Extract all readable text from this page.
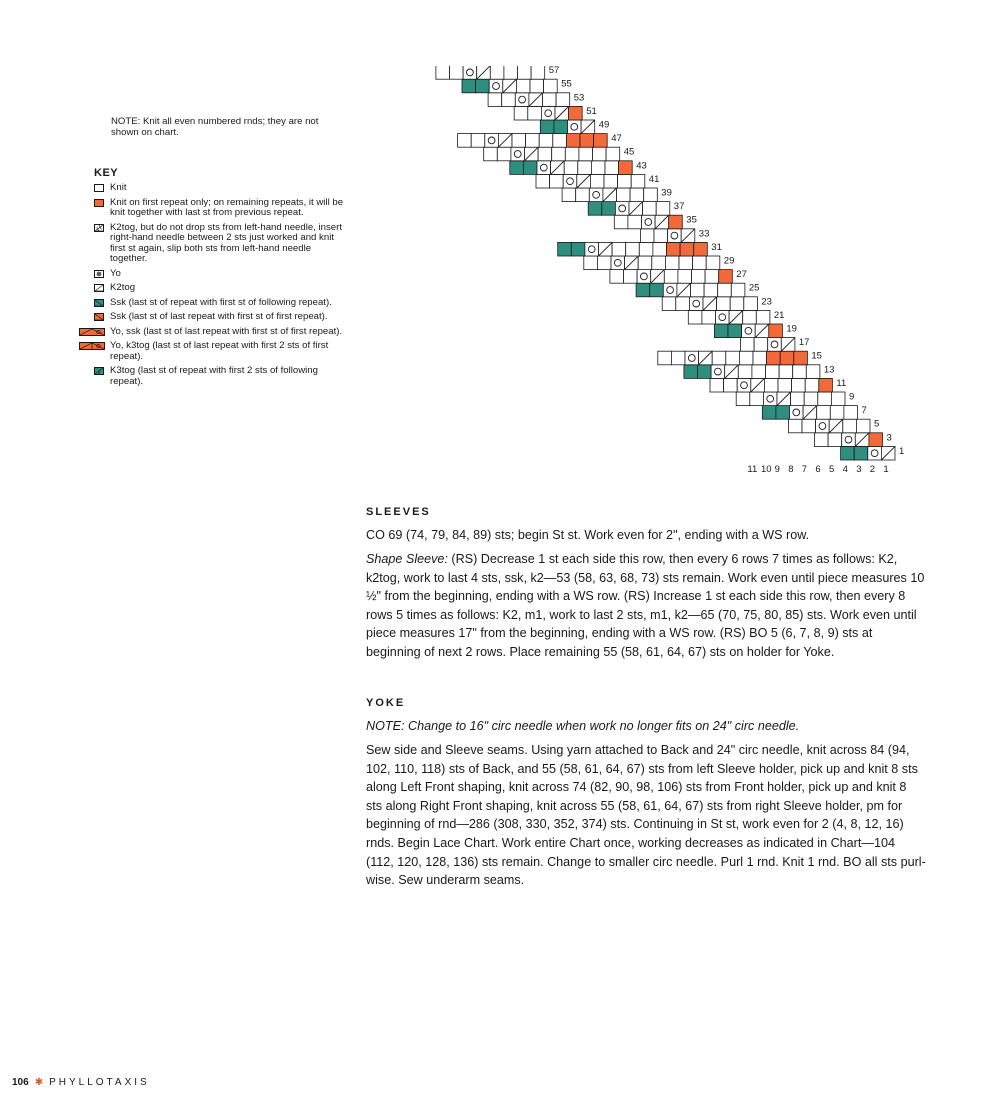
NOTE: Knit all even numbered rnds; they are not shown on chart.
KEY
Knit
Knit on first repeat only; on remaining repeats, it will be knit together with last st from previous repeat.
K2tog, but do not drop sts from left-hand needle, insert right-hand needle between 2 sts just worked and knit first st again, slip both sts from left-hand needle together.
Yo
K2tog
Ssk (last st of repeat with first st of following repeat).
Ssk (last st of last repeat with first st of first repeat).
Yo, ssk (last st of last repeat with first st of first repeat).
Yo, k3tog (last st of last repeat with first 2 sts of first repeat).
K3tog (last st of repeat with first 2 sts of following repeat).
1
3
5
7
9
11
13
15
17
19
21
23
25
27
29
31
33
35
37
39
41
43
45
47
49
51
53
55
57
11 10 9 8 7 6 5 4 3 2 1
SLEEVES
CO 69 (74, 79, 84, 89) sts; begin St st. Work even for 2", ending with a WS row.
Shape Sleeve: (RS) Decrease 1 st each side this row, then every 6 rows 7 times as follows: K2, k2tog, work to last 4 sts, ssk, k2—53 (58, 63, 68, 73) sts remain. Work even until piece measures 10 ½" from the beginning, ending with a WS row. (RS) Increase 1 st each side this row, then every 8 rows 5 times as follows: K2, m1, work to last 2 sts, m1, k2—65 (70, 75, 80, 85) sts. Work even until piece measures 17" from the beginning, ending with a WS row. (RS) BO 5 (6, 7, 8, 9) sts at beginning of next 2 rows. Place remaining 55 (58, 61, 64, 67) sts on holder for Yoke.
YOKE
NOTE: Change to 16" circ needle when work no longer fits on 24" circ needle.
Sew side and Sleeve seams. Using yarn attached to Back and 24" circ needle, knit across 84 (94, 102, 110, 118) sts of Back, and 55 (58, 61, 64, 67) sts from left Sleeve holder, pick up and knit 8 sts along Left Front shaping, knit across 74 (82, 90, 98, 106) sts from Front holder, pick up and knit 8 sts along Right Front shaping, knit across 55 (58, 61, 64, 67) sts from right Sleeve holder, pm for beginning of rnd—286 (308, 330, 352, 374) sts. Continuing in St st, work even for 2 (4, 8, 12, 16) rnds. Begin Lace Chart. Work entire Chart once, working decreases as indicated in Chart—104 (112, 120, 128, 136) sts remain. Change to smaller circ needle. Purl 1 rnd. Knit 1 rnd. BO all sts purl-wise. Sew underarm seams.
106 ✱ PHYLLOTAXIS
